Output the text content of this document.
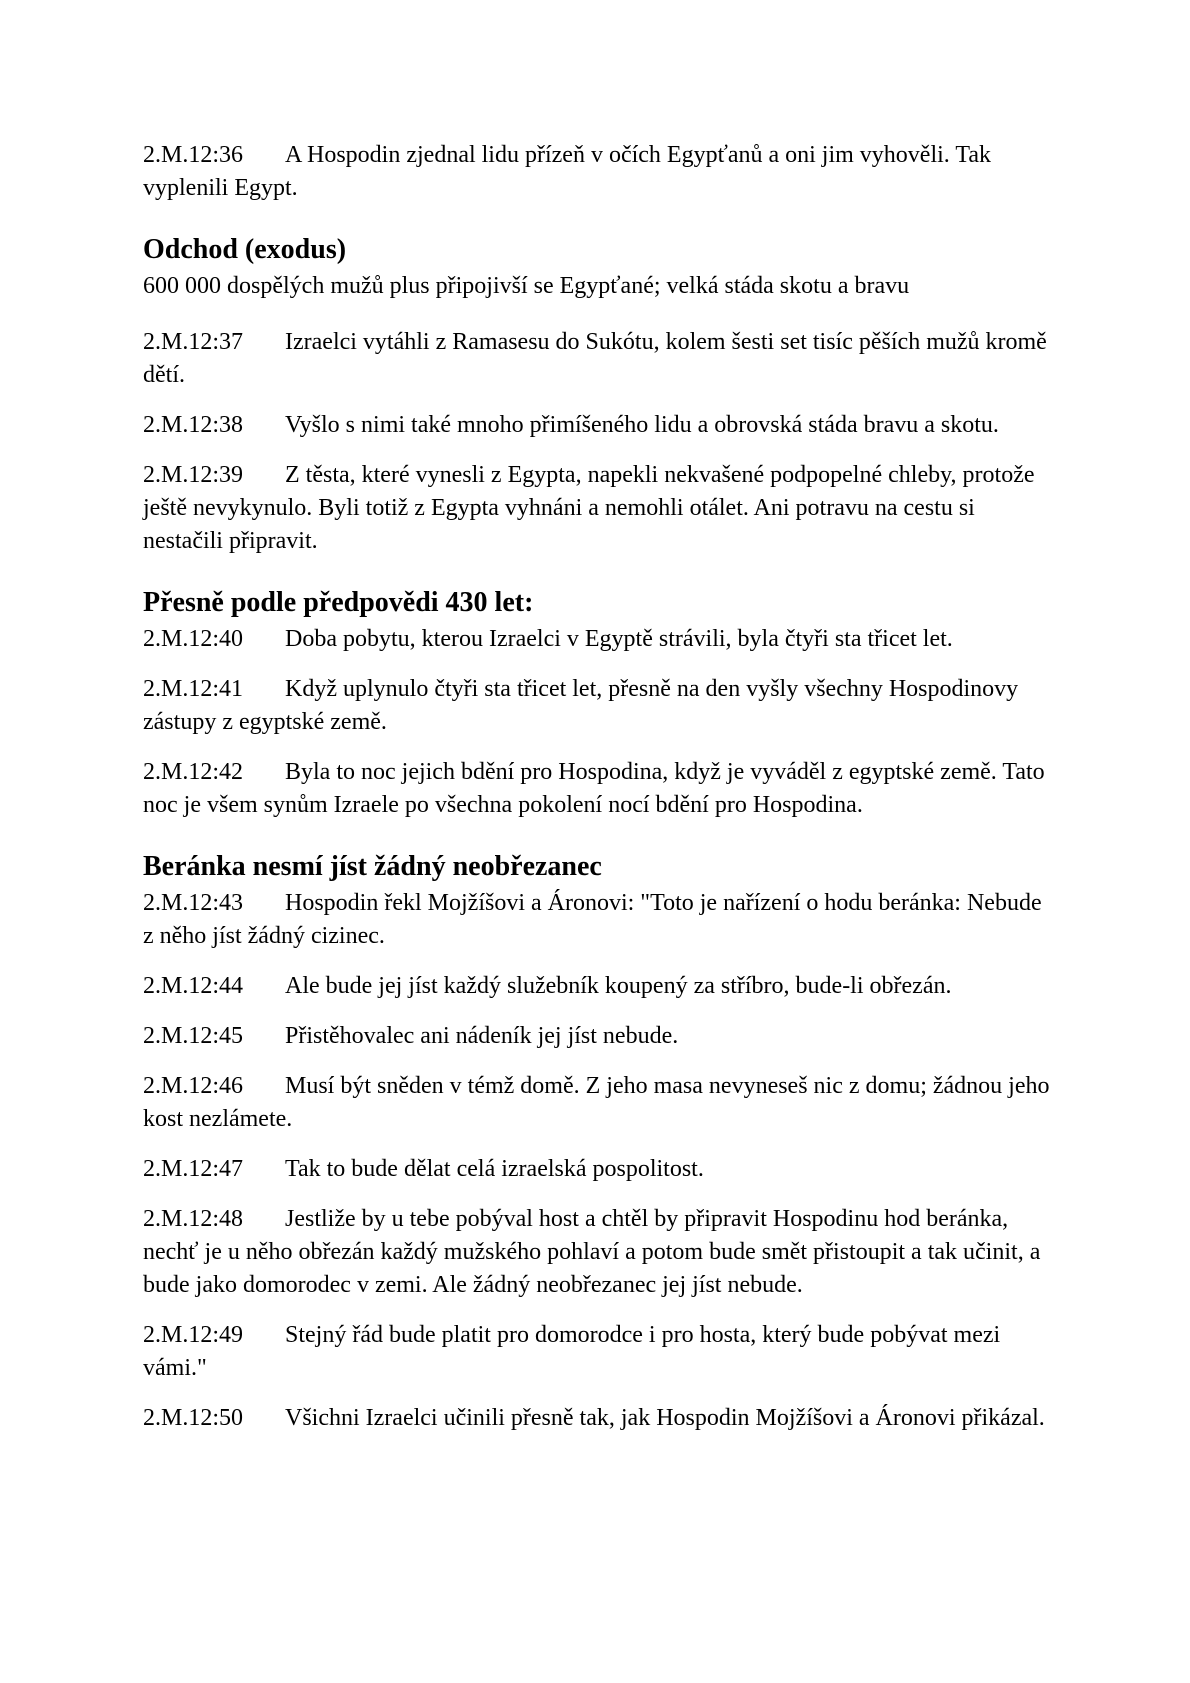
2.M.12:36 A Hospodin zjednal lidu přízeň v očích Egypťanů a oni jim vyhověli. Tak vyplenili Egypt.

Odchod (exodus)

600 000 dospělých mužů plus připojivší se Egypťané; velká stáda skotu a bravu

2.M.12:37 Izraelci vytáhli z Ramasesu do Sukótu, kolem šesti set tisíc pěších mužů kromě dětí.

2.M.12:38 Vyšlo s nimi také mnoho přimíšeného lidu a obrovská stáda bravu a skotu.

2.M.12:39 Z těsta, které vynesli z Egypta, napekli nekvašené podpopelné chleby, protože ještě nevykynulo. Byli totiž z Egypta vyhnáni a nemohli otálet. Ani potravu na cestu si nestačili připravit.

Přesně podle předpovědi 430 let:

2.M.12:40 Doba pobytu, kterou Izraelci v Egyptě strávili, byla čtyři sta třicet let.

2.M.12:41 Když uplynulo čtyři sta třicet let, přesně na den vyšly všechny Hospodinovy zástupy z egyptské země.

2.M.12:42 Byla to noc jejich bdění pro Hospodina, když je vyváděl z egyptské země. Tato noc je všem synům Izraele po všechna pokolení nocí bdění pro Hospodina.

Beránka nesmí jíst žádný neobřezanec

2.M.12:43 Hospodin řekl Mojžíšovi a Áronovi: "Toto je nařízení o hodu beránka: Nebude z něho jíst žádný cizinec.

2.M.12:44 Ale bude jej jíst každý služebník koupený za stříbro, bude-li obřezán.

2.M.12:45 Přistěhovalec ani nádeník jej jíst nebude.

2.M.12:46 Musí být sněden v témž domě. Z jeho masa nevyneseš nic z domu; žádnou jeho kost nezlámete.

2.M.12:47 Tak to bude dělat celá izraelská pospolitost.

2.M.12:48 Jestliže by u tebe pobýval host a chtěl by připravit Hospodinu hod beránka, nechť je u něho obřezán každý mužského pohlaví a potom bude smět přistoupit a tak učinit, a bude jako domorodec v zemi. Ale žádný neobřezanec jej jíst nebude.

2.M.12:49 Stejný řád bude platit pro domorodce i pro hosta, který bude pobývat mezi vámi."

2.M.12:50 Všichni Izraelci učinili přesně tak, jak Hospodin Mojžíšovi a Áronovi přikázal.
